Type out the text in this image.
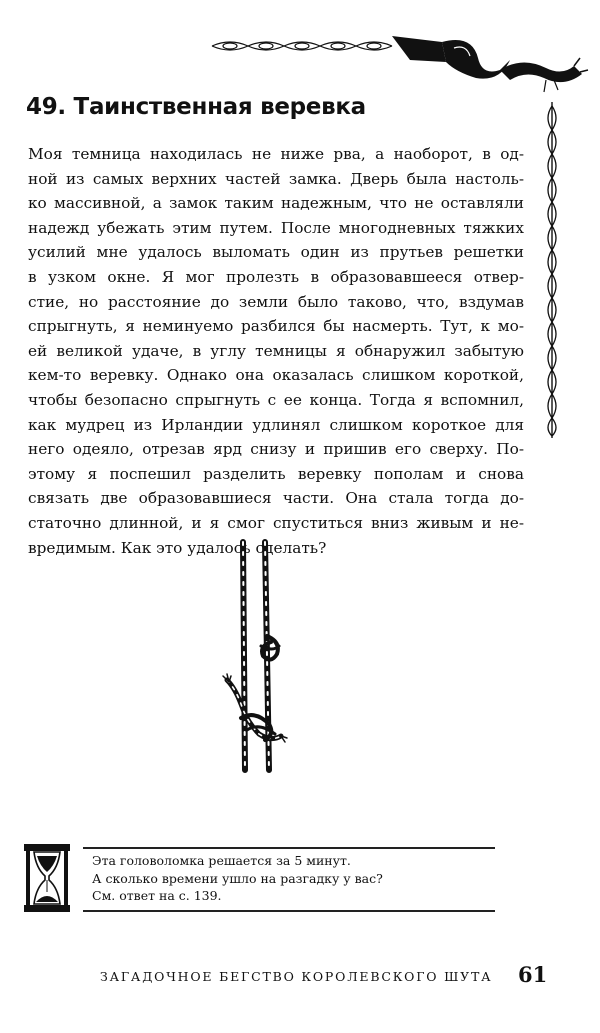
49. Таинственная веревка
Моя темница находилась не ниже рва, а наоборот, в од-
ной из самых верхних частей замка. Дверь была настоль-
ко массивной, а замок таким надежным, что не оставляли
надежд убежать этим путем. После многодневных тяжких
усилий мне удалось выломать один из прутьев решетки
в узком окне. Я мог пролезть в образовавшееся отвер-
стие, но расстояние до земли было таково, что, вздумав
спрыгнуть, я неминуемо разбился бы насмерть. Тут, к мо-
ей великой удаче, в углу темницы я обнаружил забытую
кем-то веревку. Однако она оказалась слишком короткой,
чтобы безопасно спрыгнуть с ее конца. Тогда я вспомнил,
как мудрец из Ирландии удлинял слишком короткое для
него одеяло, отрезав ярд снизу и пришив его сверху. По-
этому я поспешил разделить веревку пополам и снова
связать две образовавшиеся части. Она стала тогда до-
статочно длинной, и я смог спуститься вниз живым и не-
вредимым. Как это удалось сделать?
Эта головоломка решается за 5 минут.
А сколько времени ушло на разгадку у вас?
См. ответ на с. 139.
ЗАГАДОЧНОЕ БЕГСТВО КОРОЛЕВСКОГО ШУТА 61
